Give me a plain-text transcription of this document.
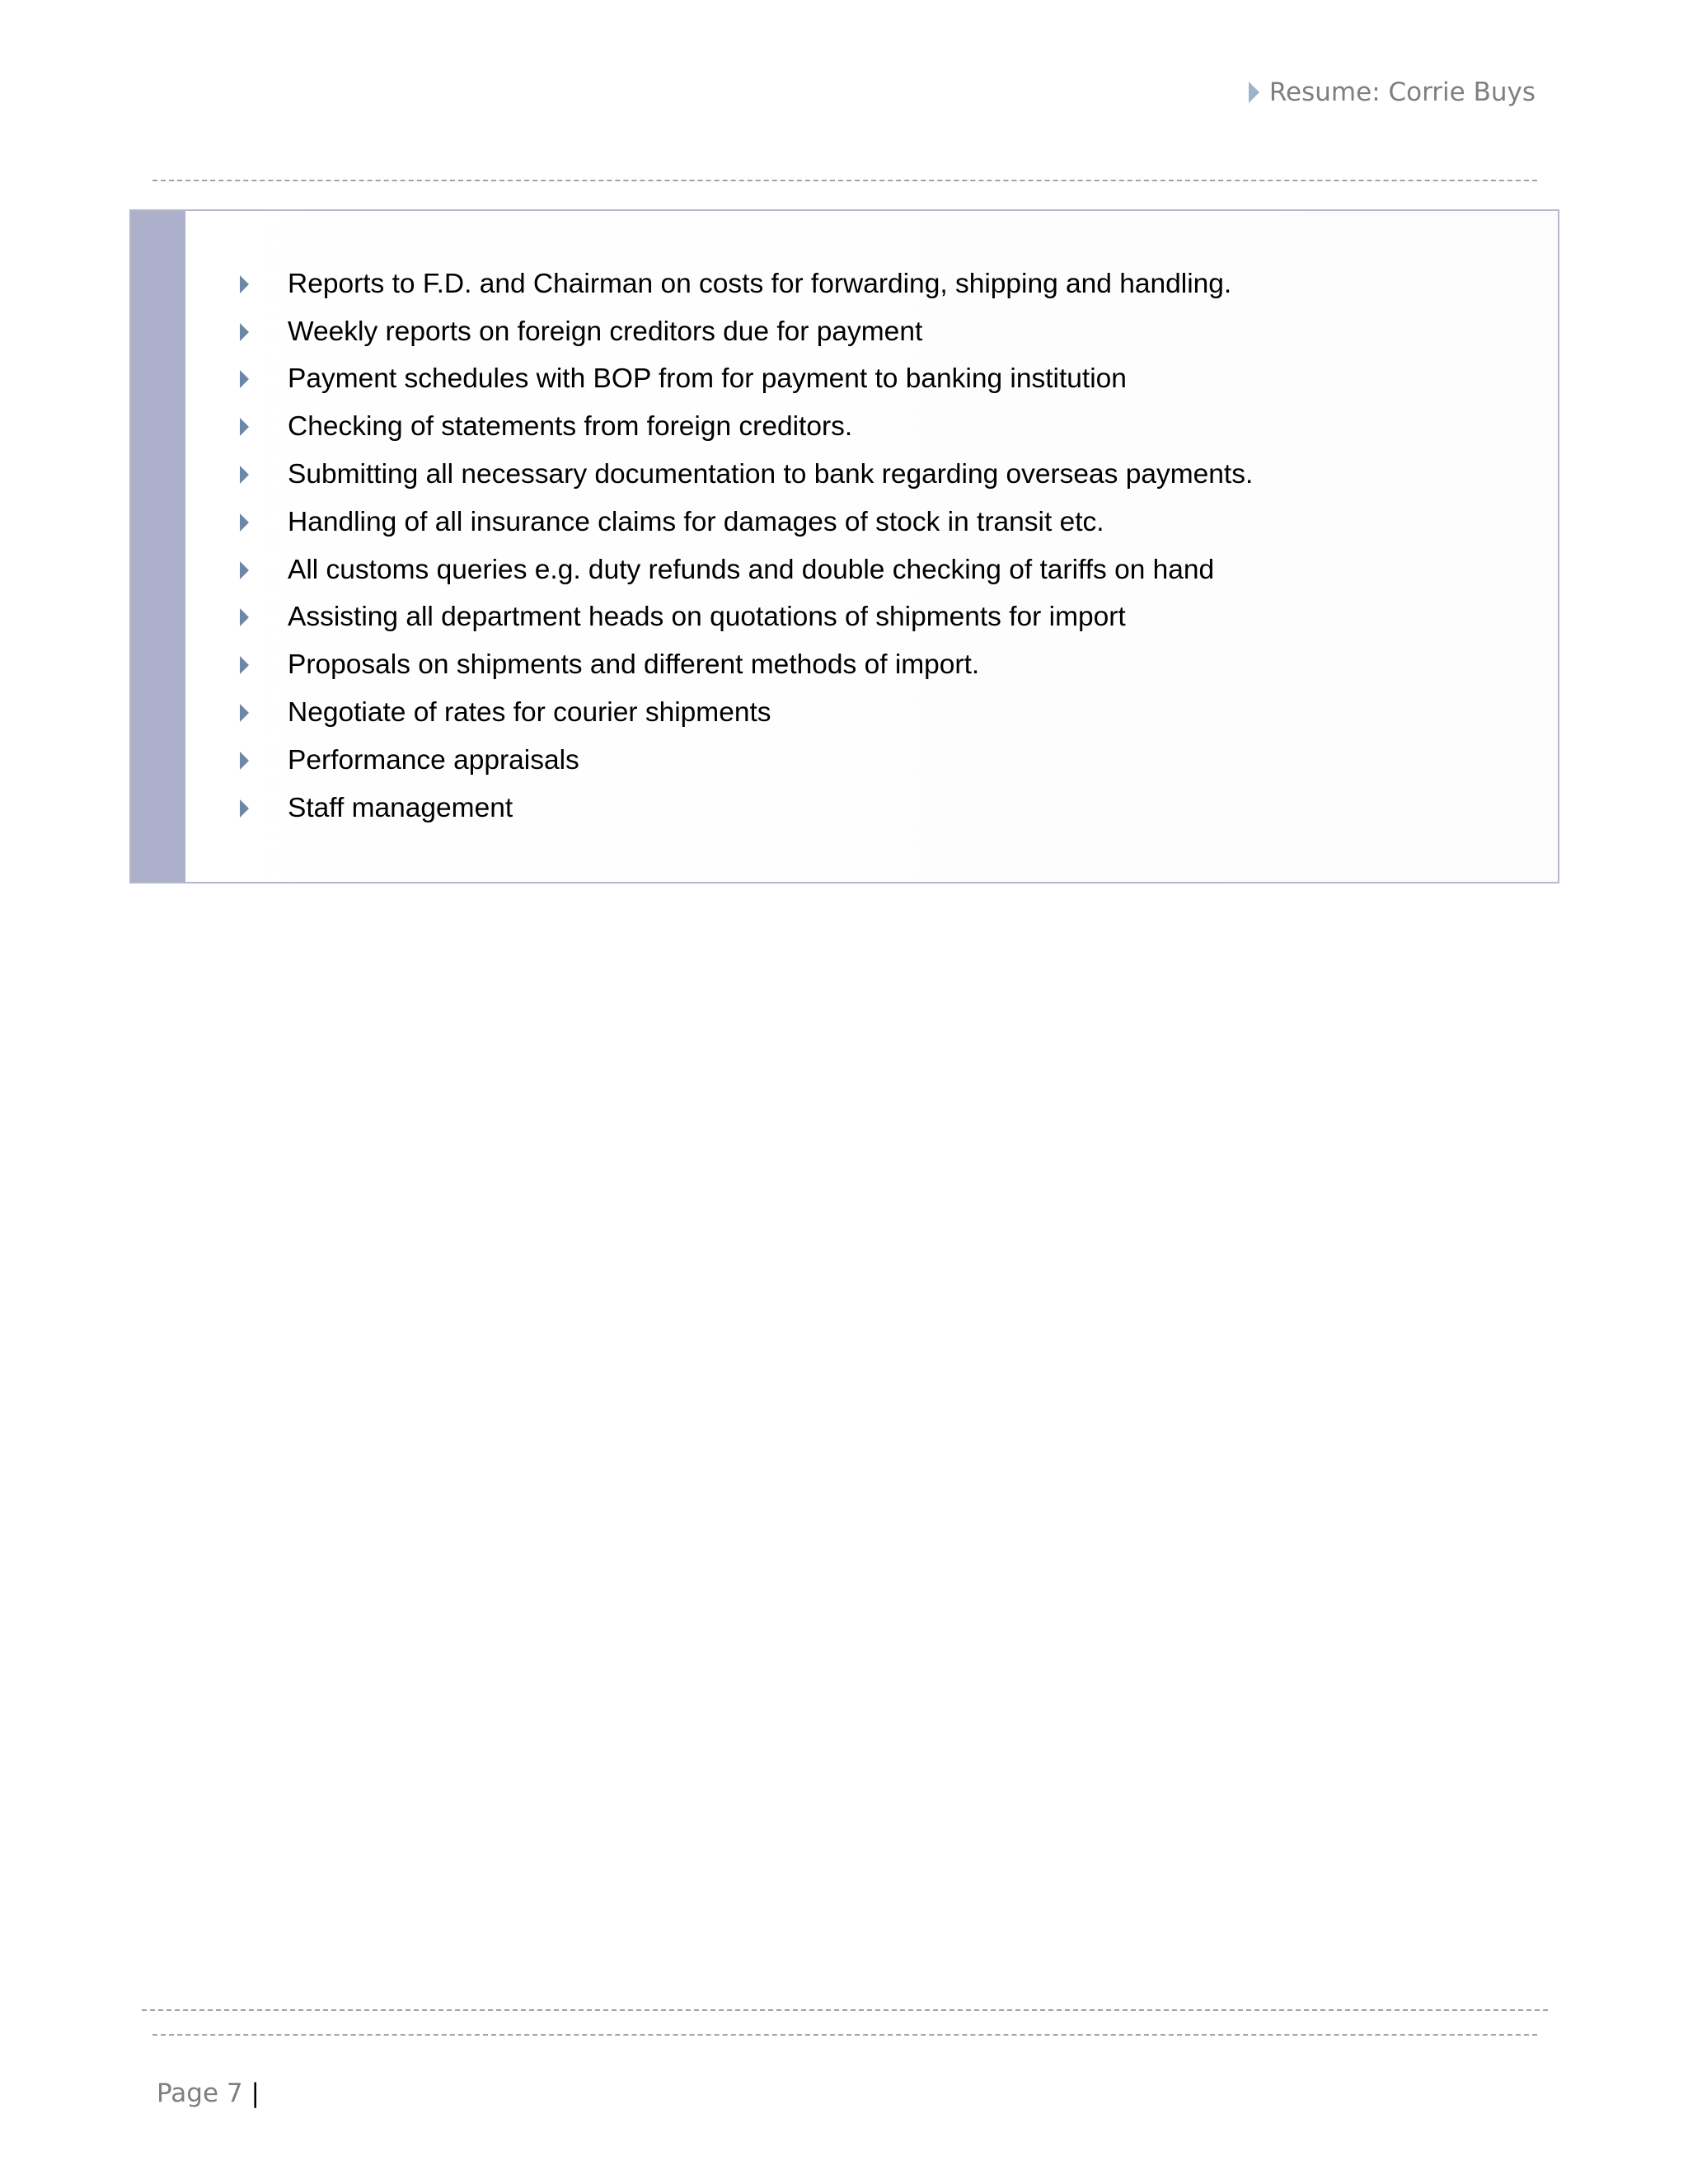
Resume: Corrie Buys
Reports to F.D. and Chairman on costs for forwarding, shipping and handling.
Weekly reports on foreign creditors due for payment
Payment schedules with BOP from for payment to banking institution
Checking of statements from foreign creditors.
Submitting all necessary documentation to bank regarding overseas payments.
Handling of all insurance claims for damages of stock in transit etc.
All customs queries e.g. duty refunds and double checking of tariffs on hand
Assisting all department heads on quotations of shipments for import
Proposals on shipments and different methods of import.
Negotiate of rates for courier shipments
Performance appraisals
Staff management
Page 7 |
